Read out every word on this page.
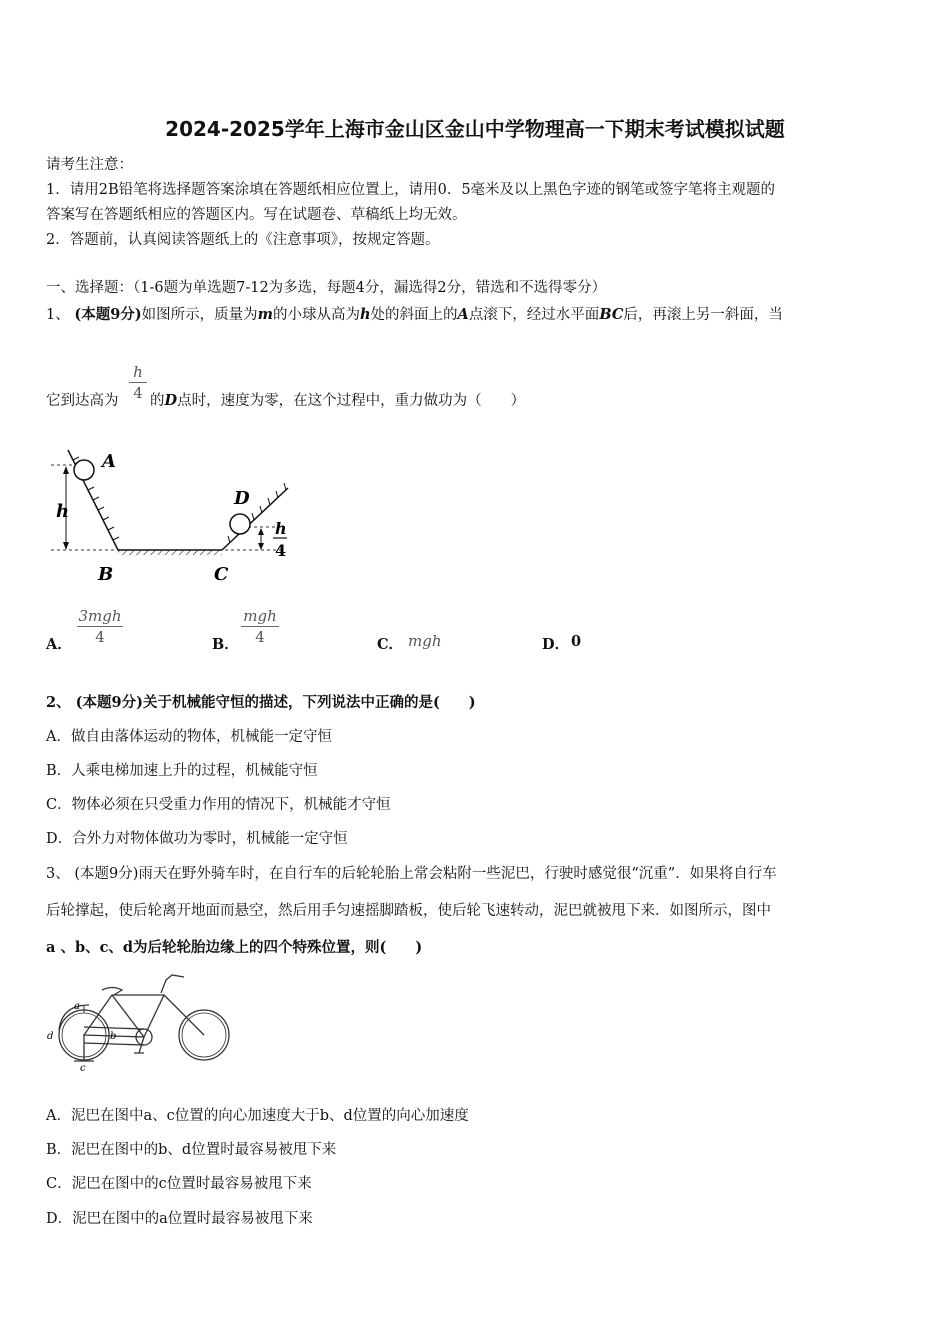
2024-2025学年上海市金山区金山中学物理高一下期末考试模拟试题
请考生注意：
1．请用2B铅笔将选择题答案涂填在答题纸相应位置上，请用0．5毫米及以上黑色字迹的钢笔或签字笔将主观题的
答案写在答题纸相应的答题区内。写在试题卷、草稿纸上均无效。
2．答题前，认真阅读答题纸上的《注意事项》，按规定答题。
一、选择题：（1-6题为单选题7-12为多选，每题4分，漏选得2分，错选和不选得零分）
1、 (本题9分)如图所示，质量为m的小球从高为h处的斜面上的A点滚下，经过水平面BC后，再滚上另一斜面，当
它到达高为
h
4 的D点时，速度为零，在这个过程中，重力做功为（　　）
A
h
B	C
D
h
4
A．
3mgh
4	B．
mgh
4	C． mgh	D． 0
2、 (本题9分)关于机械能守恒的描述，下列说法中正确的是(　　)
A．做自由落体运动的物体，机械能一定守恒
B．人乘电梯加速上升的过程，机械能守恒
C．物体必须在只受重力作用的情况下，机械能才守恒
D．合外力对物体做功为零时，机械能一定守恒
3、 (本题9分)雨天在野外骑车时，在自行车的后轮轮胎上常会粘附一些泥巴，行驶时感觉很“沉重”．如果将自行车
后轮撑起，使后轮离开地面而悬空，然后用手匀速摇脚踏板，使后轮飞速转动，泥巴就被甩下来．如图所示，图中
a 、b、c、d为后轮轮胎边缘上的四个特殊位置，则(　　)
a
b
c
d
A．泥巴在图中a、c位置的向心加速度大于b、d位置的向心加速度
B．泥巴在图中的b、d位置时最容易被甩下来
C．泥巴在图中的c位置时最容易被甩下来
D．泥巴在图中的a位置时最容易被甩下来
